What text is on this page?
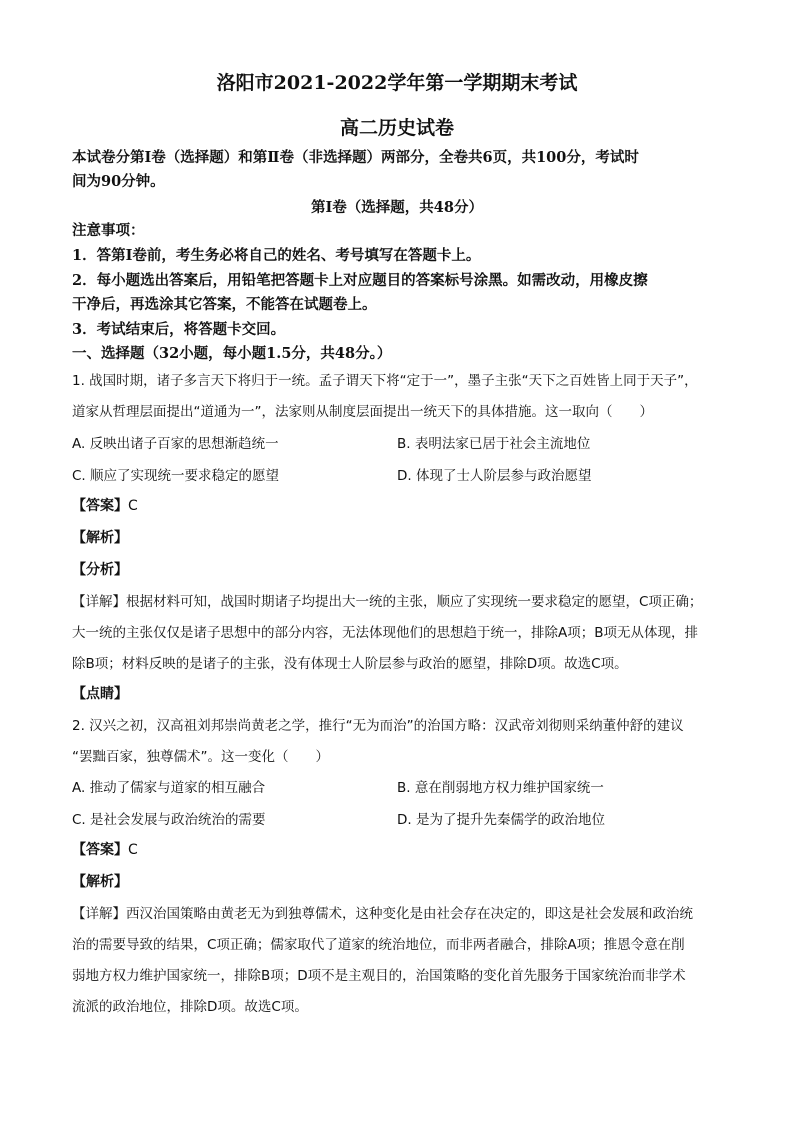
洛阳市2021-2022学年第一学期期末考试
高二历史试卷
本试卷分第Ⅰ卷（选择题）和第Ⅱ卷（非选择题）两部分，全卷共6页，共100分，考试时
间为90分钟。
第Ⅰ卷（选择题，共48分）
注意事项：
1．答第Ⅰ卷前，考生务必将自己的姓名、考号填写在答题卡上。
2．每小题选出答案后，用铅笔把答题卡上对应题目的答案标号涂黑。如需改动，用橡皮擦
干净后，再选涂其它答案，不能答在试题卷上。
3．考试结束后，将答题卡交回。
一、选择题（32小题，每小题1.5分，共48分。）
1. 战国时期，诸子多言天下将归于一统。孟子谓天下将“定于一”，墨子主张“天下之百姓皆上同于天子”，
道家从哲理层面提出“道通为一”，法家则从制度层面提出一统天下的具体措施。这一取向（　　）
A. 反映出诸子百家的思想渐趋统一	B. 表明法家已居于社会主流地位
C. 顺应了实现统一要求稳定的愿望	D. 体现了士人阶层参与政治愿望
【答案】C
【解析】
【分析】
【详解】根据材料可知，战国时期诸子均提出大一统的主张，顺应了实现统一要求稳定的愿望，C项正确；
大一统的主张仅仅是诸子思想中的部分内容，无法体现他们的思想趋于统一，排除A项；B项无从体现，排
除B项；材料反映的是诸子的主张，没有体现士人阶层参与政治的愿望，排除D项。故选C项。
【点睛】
2. 汉兴之初，汉高祖刘邦崇尚黄老之学，推行“无为而治”的治国方略：汉武帝刘彻则采纳董仲舒的建议
“罢黜百家，独尊儒术”。这一变化（　　）
A. 推动了儒家与道家的相互融合	B. 意在削弱地方权力维护国家统一
C. 是社会发展与政治统治的需要	D. 是为了提升先秦儒学的政治地位
【答案】C
【解析】
【详解】西汉治国策略由黄老无为到独尊儒术，这种变化是由社会存在决定的，即这是社会发展和政治统
治的需要导致的结果，C项正确；儒家取代了道家的统治地位，而非两者融合，排除A项；推恩令意在削
弱地方权力维护国家统一，排除B项；D项不是主观目的，治国策略的变化首先服务于国家统治而非学术
流派的政治地位，排除D项。故选C项。
